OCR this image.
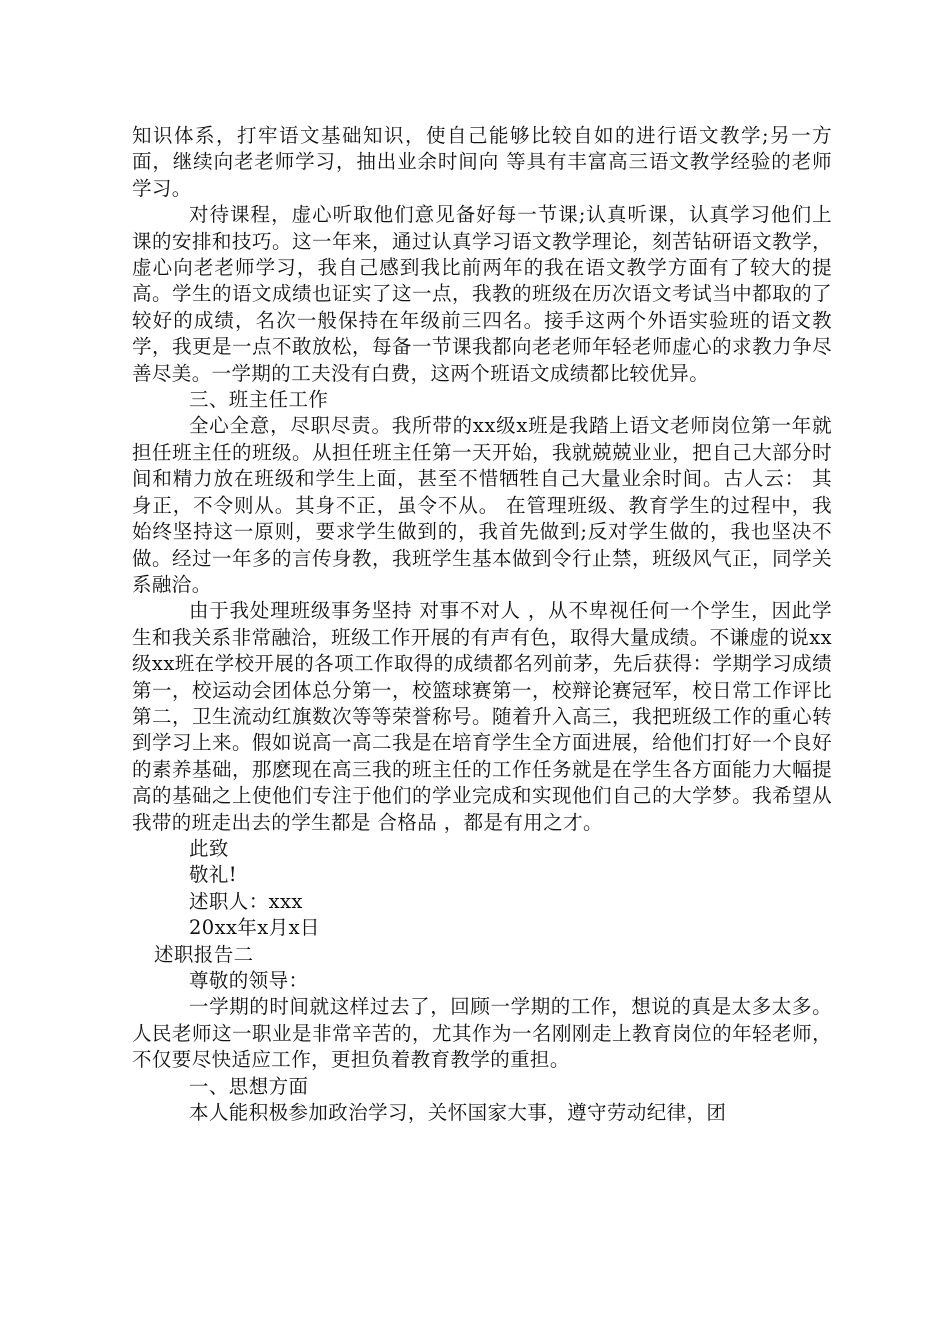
知识体系，打牢语文基础知识，使自己能够比较自如的进行语文教学;另一方面，继续向老老师学习，抽出业余时间向 等具有丰富高三语文教学经验的老师学习。

对待课程，虚心听取他们意见备好每一节课;认真听课，认真学习他们上课的安排和技巧。这一年来，通过认真学习语文教学理论，刻苦钻研语文教学，虚心向老老师学习，我自己感到我比前两年的我在语文教学方面有了较大的提高。学生的语文成绩也证实了这一点，我教的班级在历次语文考试当中都取的了较好的成绩，名次一般保持在年级前三四名。接手这两个外语实验班的语文教学，我更是一点不敢放松，每备一节课我都向老老师年轻老师虚心的求教力争尽善尽美。一学期的工夫没有白费，这两个班语文成绩都比较优异。

三、班主任工作

全心全意，尽职尽责。我所带的xx级x班是我踏上语文老师岗位第一年就担任班主任的班级。从担任班主任第一天开始，我就兢兢业业，把自己大部分时间和精力放在班级和学生上面，甚至不惜牺牲自己大量业余时间。古人云： 其身正，不令则从。其身不正，虽令不从。 在管理班级、教育学生的过程中，我始终坚持这一原则，要求学生做到的，我首先做到;反对学生做的，我也坚决不做。经过一年多的言传身教，我班学生基本做到令行止禁，班级风气正，同学关系融洽。

由于我处理班级事务坚持 对事不对人 ，从不卑视任何一个学生，因此学生和我关系非常融洽，班级工作开展的有声有色，取得大量成绩。不谦虚的说xx级xx班在学校开展的各项工作取得的成绩都名列前茅，先后获得：学期学习成绩第一，校运动会团体总分第一，校篮球赛第一，校辩论赛冠军，校日常工作评比第二，卫生流动红旗数次等等荣誉称号。随着升入高三，我把班级工作的重心转到学习上来。假如说高一高二我是在培育学生全方面进展，给他们打好一个良好的素养基础，那麽现在高三我的班主任的工作任务就是在学生各方面能力大幅提高的基础之上使他们专注于他们的学业完成和实现他们自己的大学梦。我希望从我带的班走出去的学生都是 合格品 ，都是有用之才。

此致

敬礼!

述职人：xxx

20xx年x月x日

述职报告二

尊敬的领导：

一学期的时间就这样过去了，回顾一学期的工作，想说的真是太多太多。人民老师这一职业是非常辛苦的，尤其作为一名刚刚走上教育岗位的年轻老师，不仅要尽快适应工作，更担负着教育教学的重担。

一、思想方面

本人能积极参加政治学习，关怀国家大事，遵守劳动纪律，团
